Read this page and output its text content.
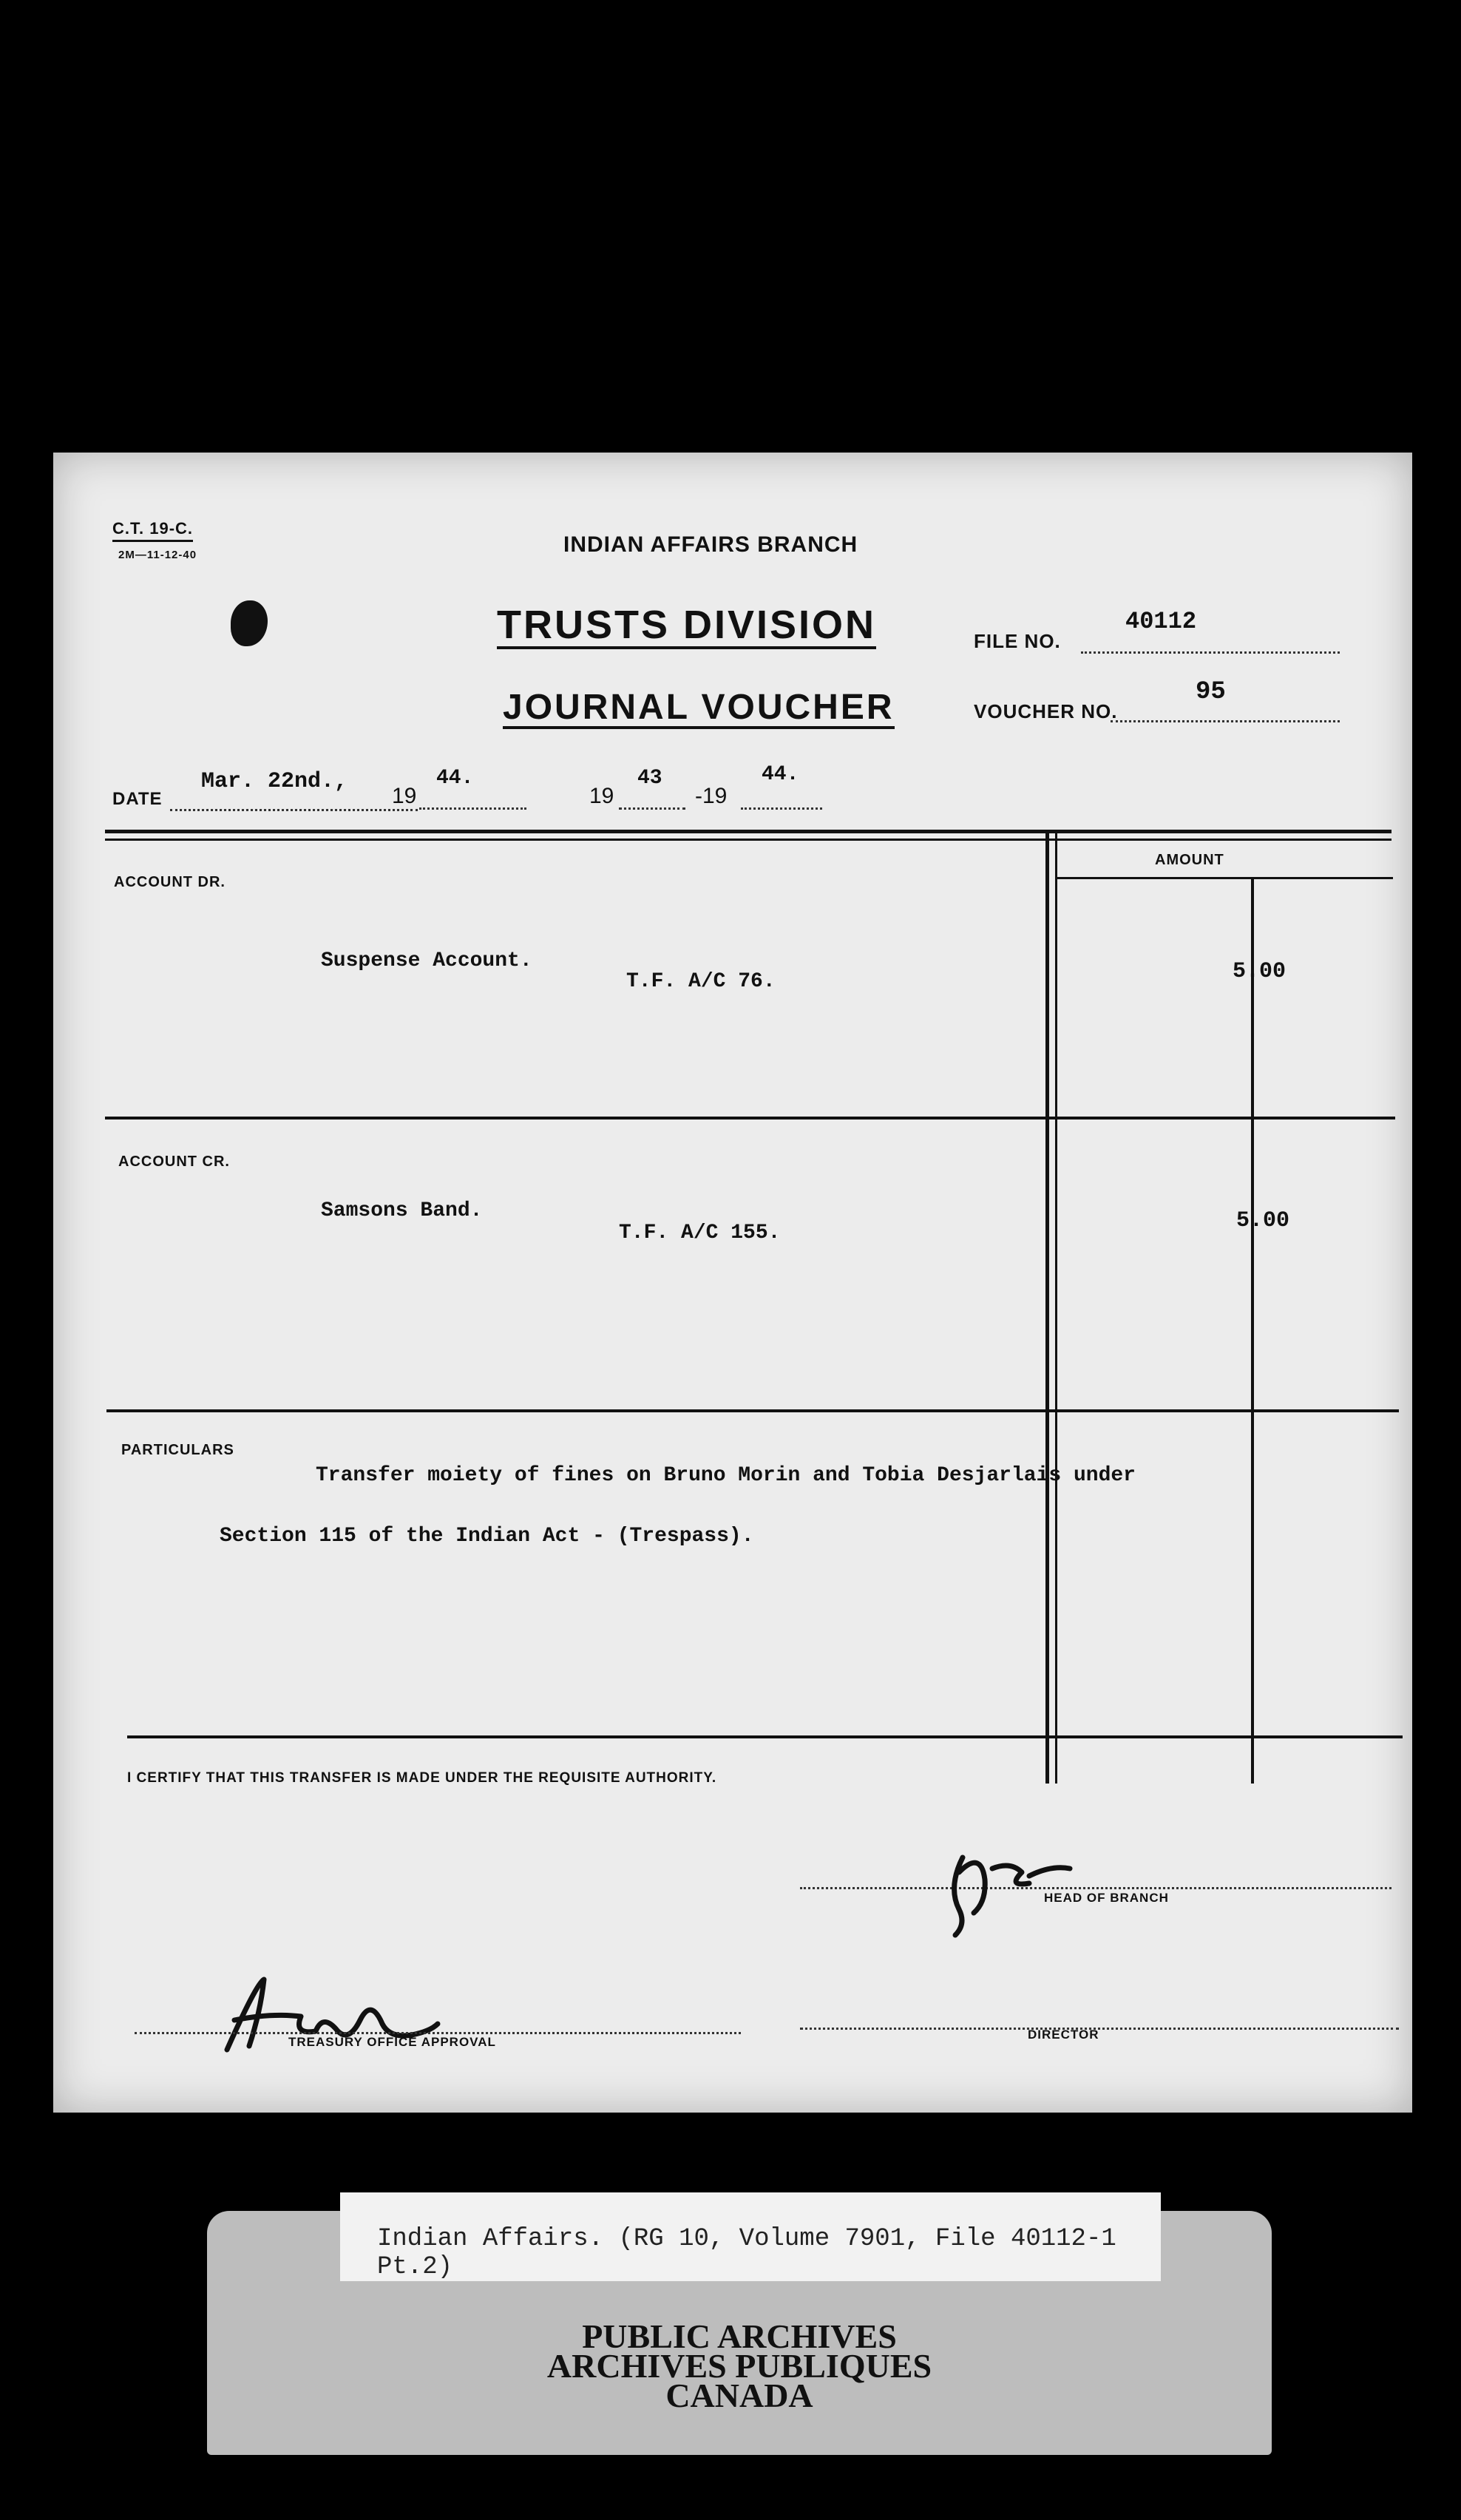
C.T. 19-C.
2M—11-12-40	INDIAN AFFAIRS BRANCH
TRUSTS DIVISION
JOURNAL VOUCHER
FILE NO.
40112
VOUCHER NO.
95
DATE
Mar. 22nd.,
19
44.
19
43
-19
44.
AMOUNT
ACCOUNT DR.
Suspense Account.
T.F. A/C 76.	5.00
ACCOUNT CR.
Samsons Band.
T.F. A/C 155.	5.00
PARTICULARS
Transfer moiety of fines on Bruno Morin and Tobia Desjarlais under
Section 115 of the Indian Act - (Trespass).
I CERTIFY THAT THIS TRANSFER IS MADE UNDER THE REQUISITE AUTHORITY.
HEAD OF BRANCH
TREASURY OFFICE APPROVAL
DIRECTOR
PUBLIC ARCHIVES
ARCHIVES PUBLIQUES
CANADA
Indian Affairs. (RG 10, Volume 7901, File 40112-1 Pt.2)
